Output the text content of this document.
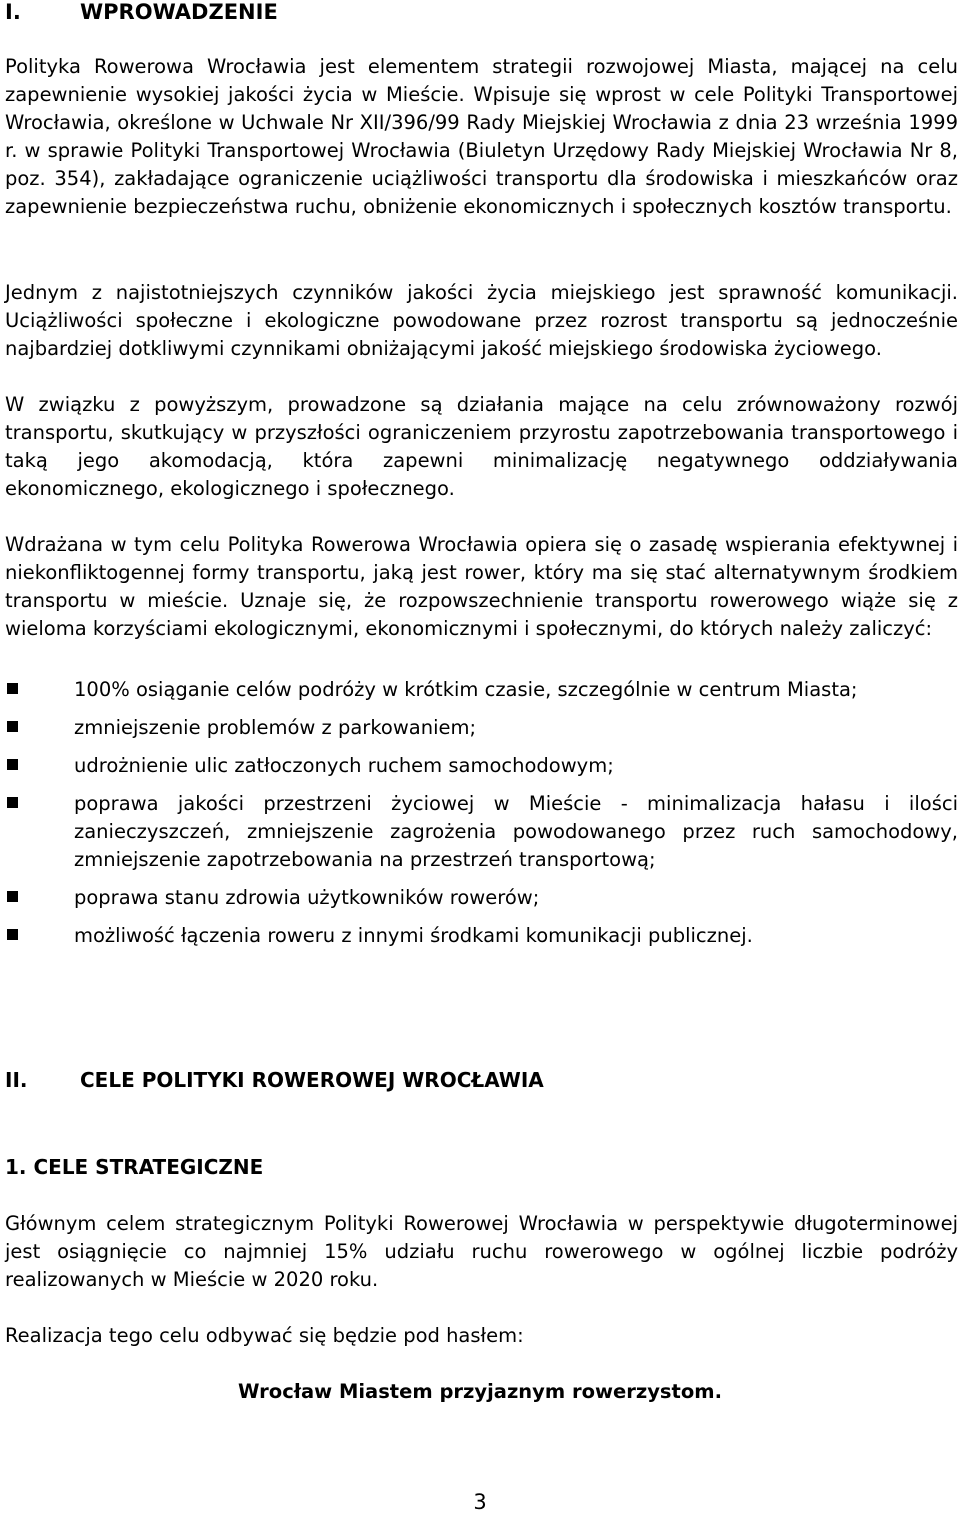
I.	WPROWADZENIE

Polityka Rowerowa Wrocławia jest elementem strategii rozwojowej Miasta, mającej na celu zapewnienie wysokiej jakości życia w Mieście. Wpisuje się wprost w cele Polityki Transportowej Wrocławia, określone w Uchwale Nr XII/396/99 Rady Miejskiej Wrocławia z dnia 23 września 1999 r. w sprawie Polityki Transportowej Wrocławia (Biuletyn Urzędowy Rady Miejskiej Wrocławia Nr 8, poz. 354), zakładające ograniczenie uciążliwości transportu dla środowiska i mieszkańców oraz zapewnienie bezpieczeństwa ruchu, obniżenie ekonomicznych i społecznych kosztów transportu.

Jednym z najistotniejszych czynników jakości życia miejskiego jest sprawność komunikacji. Uciążliwości społeczne i ekologiczne powodowane przez rozrost transportu są jednocześnie najbardziej dotkliwymi czynnikami obniżającymi jakość miejskiego środowiska życiowego.

W związku z powyższym, prowadzone są działania mające na celu zrównoważony rozwój transportu, skutkujący w przyszłości ograniczeniem przyrostu zapotrzebowania transportowego i taką jego akomodacją, która zapewni minimalizację negatywnego oddziaływania ekonomicznego, ekologicznego i społecznego.

Wdrażana w tym celu Polityka Rowerowa Wrocławia opiera się o zasadę wspierania efektywnej i niekonfliktogennej formy transportu, jaką jest rower, który ma się stać alternatywnym środkiem transportu w mieście. Uznaje się, że rozpowszechnienie transportu rowerowego wiąże się z wieloma korzyściami ekologicznymi, ekonomicznymi i społecznymi, do których należy zaliczyć:

100% osiąganie celów podróży w krótkim czasie, szczególnie w centrum Miasta;
zmniejszenie problemów z parkowaniem;
udrożnienie ulic zatłoczonych ruchem samochodowym;
poprawa jakości przestrzeni życiowej w Mieście - minimalizacja hałasu i ilości zanieczyszczeń, zmniejszenie zagrożenia powodowanego przez ruch samochodowy, zmniejszenie zapotrzebowania na przestrzeń transportową;
poprawa stanu zdrowia użytkowników rowerów;
możliwość łączenia roweru z innymi środkami komunikacji publicznej.
II.	CELE POLITYKI ROWEROWEJ WROCŁAWIA
1. CELE STRATEGICZNE

Głównym celem strategicznym Polityki Rowerowej Wrocławia w perspektywie długoterminowej jest osiągnięcie co najmniej 15% udziału ruchu rowerowego w ogólnej liczbie podróży realizowanych w Mieście w 2020 roku.

Realizacja tego celu odbywać się będzie pod hasłem:

Wrocław Miastem przyjaznym rowerzystom.

3
